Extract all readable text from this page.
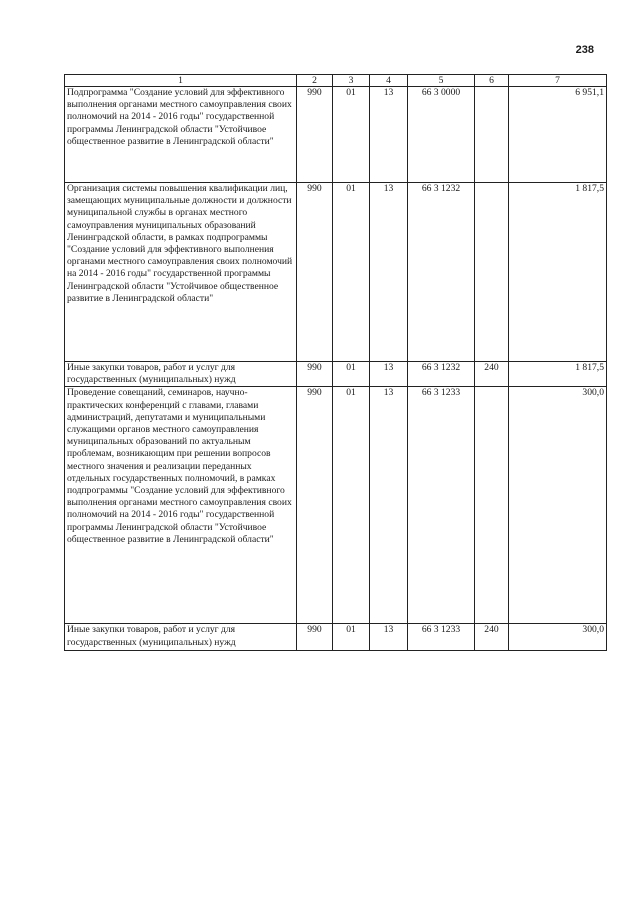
238
1	2	3	4	5	6	7
Подпрограмма "Создание условий для эффективного выполнения органами местного самоуправления своих полномочий на 2014 - 2016 годы" государственной программы Ленинградской области "Устойчивое общественное развитие в Ленинградской области"	990	01	13	66 3 0000		6 951,1
Организация системы повышения квалификации лиц, замещающих муниципальные должности и должности муниципальной службы в органах местного самоуправления муниципальных образований Ленинградской области, в рамках подпрограммы "Создание условий для эффективного выполнения органами местного самоуправления своих полномочий на 2014 - 2016 годы" государственной программы Ленинградской области "Устойчивое общественное развитие в Ленинградской области"	990	01	13	66 3 1232		1 817,5
Иные закупки товаров, работ и услуг для государственных (муниципальных) нужд	990	01	13	66 3 1232	240	1 817,5
Проведение совещаний, семинаров, научно-практических конференций с главами, главами администраций, депутатами и муниципальными служащими органов местного самоуправления муниципальных образований по актуальным проблемам, возникающим при решении вопросов местного значения и реализации переданных отдельных государственных полномочий, в рамках подпрограммы "Создание условий для эффективного выполнения органами местного самоуправления своих полномочий на 2014 - 2016 годы" государственной программы Ленинградской области "Устойчивое общественное развитие в Ленинградской области"	990	01	13	66 3 1233		300,0
Иные закупки товаров, работ и услуг для государственных (муниципальных) нужд	990	01	13	66 3 1233	240	300,0
